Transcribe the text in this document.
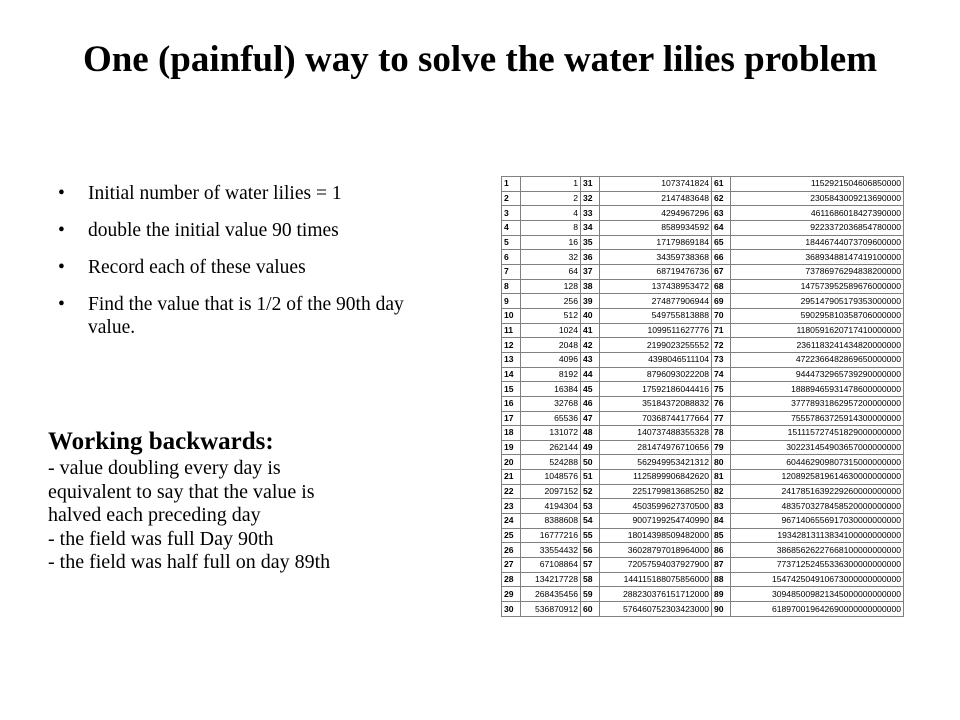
One (painful) way to solve the water lilies problem
• Initial number of water lilies = 1
• double the initial value 90 times
• Record each of these values
• Find the value that is 1/2 of the 90th day value.
Working backwards:
- value doubling every day is
equivalent to say that the value is
halved each preceding day
- the field was full Day 90th
- the field was half full on day 89th
1	1	31	1073741824	61	1152921504606850000
2	2	32	2147483648	62	2305843009213690000
3	4	33	4294967296	63	4611686018427390000
4	8	34	8589934592	64	9223372036854780000
5	16	35	17179869184	65	18446744073709600000
6	32	36	34359738368	66	36893488147419100000
7	64	37	68719476736	67	73786976294838200000
8	128	38	137438953472	68	147573952589676000000
9	256	39	274877906944	69	295147905179353000000
10	512	40	549755813888	70	590295810358706000000
11	1024	41	1099511627776	71	1180591620717410000000
12	2048	42	2199023255552	72	2361183241434820000000
13	4096	43	4398046511104	73	4722366482869650000000
14	8192	44	8796093022208	74	9444732965739290000000
15	16384	45	17592186044416	75	18889465931478600000000
16	32768	46	35184372088832	76	37778931862957200000000
17	65536	47	70368744177664	77	75557863725914300000000
18	131072	48	140737488355328	78	151115727451829000000000
19	262144	49	281474976710656	79	302231454903657000000000
20	524288	50	562949953421312	80	604462909807315000000000
21	1048576	51	1125899906842620	81	1208925819614630000000000
22	2097152	52	2251799813685250	82	2417851639229260000000000
23	4194304	53	4503599627370500	83	4835703278458520000000000
24	8388608	54	9007199254740990	84	9671406556917030000000000
25	16777216	55	18014398509482000	85	19342813113834100000000000
26	33554432	56	36028797018964000	86	38685626227668100000000000
27	67108864	57	72057594037927900	87	77371252455336300000000000
28	134217728	58	144115188075856000	88	154742504910673000000000000
29	268435456	59	288230376151712000	89	309485009821345000000000000
30	536870912	60	576460752303423000	90	618970019642690000000000000
